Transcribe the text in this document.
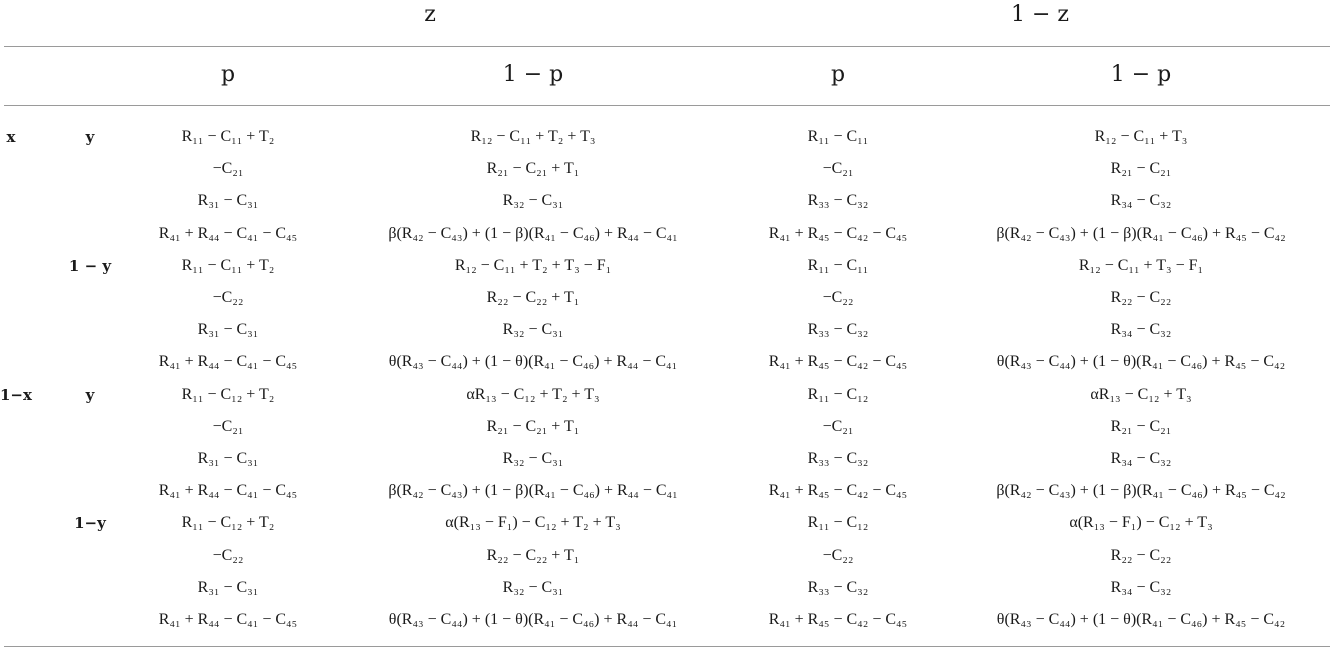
z	1 − z
p	1 − p	p	1 − p
x	y	R₁₁ − C₁₁ + T₂	R₁₂ − C₁₁ + T₂ + T₃	R₁₁ − C₁₁	R₁₂ − C₁₁ + T₃
−C₂₁	R₂₁ − C₂₁ + T₁	−C₂₁	R₂₁ − C₂₁
R₃₁ − C₃₁	R₃₂ − C₃₁	R₃₃ − C₃₂	R₃₄ − C₃₂
R₄₁ + R₄₄ − C₄₁ − C₄₅	β(R₄₂ − C₄₃) + (1 − β)(R₄₁ − C₄₆) + R₄₄ − C₄₁	R₄₁ + R₄₅ − C₄₂ − C₄₅	β(R₄₂ − C₄₃) + (1 − β)(R₄₁ − C₄₆) + R₄₅ − C₄₂
1 − y	R₁₁ − C₁₁ + T₂	R₁₂ − C₁₁ + T₂ + T₃ − F₁	R₁₁ − C₁₁	R₁₂ − C₁₁ + T₃ − F₁
−C₂₂	R₂₂ − C₂₂ + T₁	−C₂₂	R₂₂ − C₂₂
R₃₁ − C₃₁	R₃₂ − C₃₁	R₃₃ − C₃₂	R₃₄ − C₃₂
R₄₁ + R₄₄ − C₄₁ − C₄₅	θ(R₄₃ − C₄₄) + (1 − θ)(R₄₁ − C₄₆) + R₄₄ − C₄₁	R₄₁ + R₄₅ − C₄₂ − C₄₅	θ(R₄₃ − C₄₄) + (1 − θ)(R₄₁ − C₄₆) + R₄₅ − C₄₂
1−x	y	R₁₁ − C₁₂ + T₂	αR₁₃ − C₁₂ + T₂ + T₃	R₁₁ − C₁₂	αR₁₃ − C₁₂ + T₃
−C₂₁	R₂₁ − C₂₁ + T₁	−C₂₁	R₂₁ − C₂₁
R₃₁ − C₃₁	R₃₂ − C₃₁	R₃₃ − C₃₂	R₃₄ − C₃₂
R₄₁ + R₄₄ − C₄₁ − C₄₅	β(R₄₂ − C₄₃) + (1 − β)(R₄₁ − C₄₆) + R₄₄ − C₄₁	R₄₁ + R₄₅ − C₄₂ − C₄₅	β(R₄₂ − C₄₃) + (1 − β)(R₄₁ − C₄₆) + R₄₅ − C₄₂
1−y	R₁₁ − C₁₂ + T₂	α(R₁₃ − F₁) − C₁₂ + T₂ + T₃	R₁₁ − C₁₂	α(R₁₃ − F₁) − C₁₂ + T₃
−C₂₂	R₂₂ − C₂₂ + T₁	−C₂₂	R₂₂ − C₂₂
R₃₁ − C₃₁	R₃₂ − C₃₁	R₃₃ − C₃₂	R₃₄ − C₃₂
R₄₁ + R₄₄ − C₄₁ − C₄₅	θ(R₄₃ − C₄₄) + (1 − θ)(R₄₁ − C₄₆) + R₄₄ − C₄₁	R₄₁ + R₄₅ − C₄₂ − C₄₅	θ(R₄₃ − C₄₄) + (1 − θ)(R₄₁ − C₄₆) + R₄₅ − C₄₂
